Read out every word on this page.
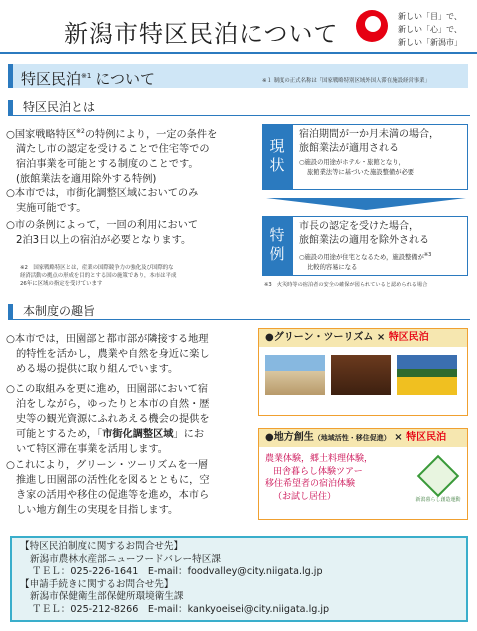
新潟市特区民泊について
新しい「目」で、
新しい「心」で、
新しい「新潟市」
特区民泊$^{※1}$ について	※１ 制度の正式名称は「国家戦略特別区域外国人滞在施設経営事業」
特区民泊とは
○国家戦略特区$^{※2}$の特例により，一定の条件を
満たし市の認定を受けることで住宅等での
宿泊事業を可能とする制度のことです。
(旅館業法を適用除外する特例)
○本市では，市街化調整区域においてのみ
実施可能です。
○市の条例によって，一回の利用において
2泊3日以上の宿泊が必要となります。
※2　国家戦略特区とは，産業の国際競争力の強化及び国際的な
経済活動の拠点の形成を目的とする国の施策であり，本市は平成
26年に区域の指定を受けています
現状
宿泊期間が一か月未満の場合，
旅館業法が適用される
○施設の用途がホテル・旅館となり，
旅館業法等に基づいた施設整備が必要
特例
市長の認定を受けた場合，
旅館業法の適用を除外される
○施設の用途が住宅となるため，施設整備が$^{※3}$
比較的容易になる
※3　火災時等の宿泊者の安全の確保が図られていると認められる場合
本制度の趣旨
○本市では，田園部と都市部が隣接する地理
的特性を活かし，農業や自然を身近に楽し
める場の提供に取り組んでいます。
○この取組みを更に進め，田園部において宿
泊をしながら，ゆったりと本市の自然・歴
史等の観光資源にふれあえる機会の提供を
可能とするため，「市街化調整区域」にお
いて特区滞在事業を活用します。
○これにより，グリーン・ツーリズムを一層
推進し田園部の活性化を図るとともに，空
き家の活用や移住の促進等を進め，本市ら
しい地方創生の実現を目指します。
●グリーン・ツーリズム × 特区民泊
●地方創生（地域活性・移住促進） × 特区民泊
農業体験，郷土料理体験，
田舎暮らし体験ツアー
移住希望者の宿泊体験
（お試し居住）	新潟暮らし創造運動
【特区民泊制度に関するお問合せ先】
新潟市農林水産部ニューフードバレー特区課
ＴＥＬ：025-226-1641　E-mail：foodvalley@city.niigata.lg.jp
【申請手続きに関するお問合せ先】
新潟市保健衛生部保健所環境衛生課
ＴＥＬ：025-212-8266　E-mail：kankyoeisei@city.niigata.lg.jp
